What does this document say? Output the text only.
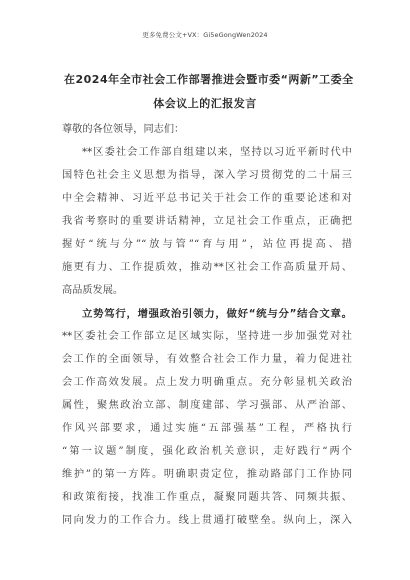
更多免费公文+VX：Gi5eGongWen2024
在2024年全市社会工作部署推进会暨市委“两新”工委全
体会议上的汇报发言
尊敬的各位领导，同志们：
**区委社会工作部自组建以来，坚持以习近平新时代中
国特色社会主义思想为指导，深入学习贯彻党的二十届三
中全会精神、习近平总书记关于社会工作的重要论述和对
我省考察时的重要讲话精神，立足社会工作重点，正确把
握好“统与分”“放与管”“育与用”，站位再提高、措
施更有力、工作提质效，推动**区社会工作高质量开局、
高品质发展。
立势笃行，增强政治引领力，做好“统与分”结合文章。
**区委社会工作部立足区域实际，坚持进一步加强党对社
会工作的全面领导，有效整合社会工作力量，着力促进社
会工作高效发展。点上发力明确重点。充分彰显机关政治
属性，聚焦政治立部、制度建部、学习强部、从严治部、
作风兴部要求，通过实施“五部强基”工程，严格执行
“第一议题”制度，强化政治机关意识，走好践行“两个
维护”的第一方阵。明确职责定位，推动路部门工作协同
和政策衔接，找准工作重点，凝聚同题共答、同频共振、
同向发力的工作合力。线上贯通打破壁垒。纵向上，深入
